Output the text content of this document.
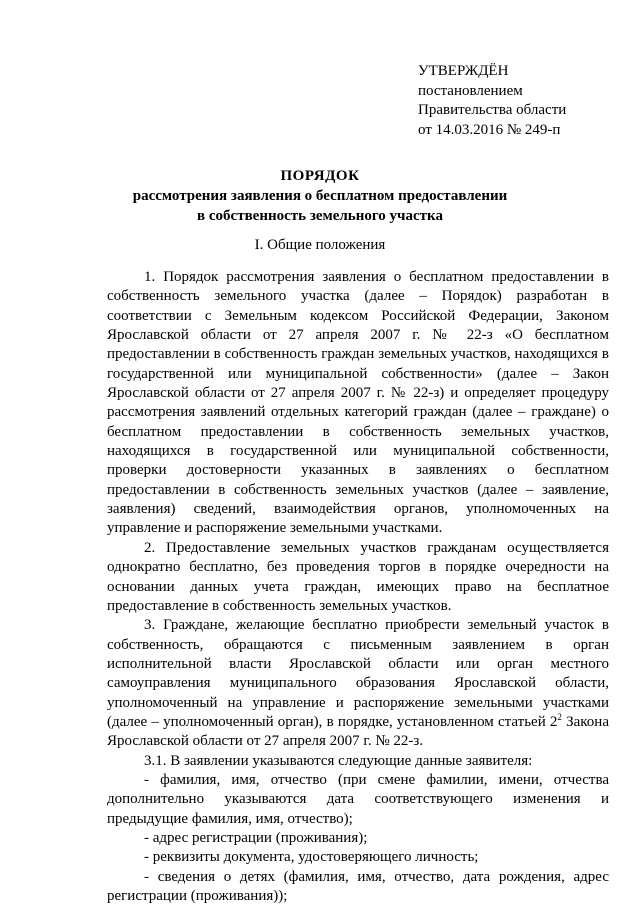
УТВЕРЖДЁН
постановлением
Правительства области
от 14.03.2016 № 249-п
ПОРЯДОК
рассмотрения заявления о бесплатном предоставлении
в собственность земельного участка
I. Общие положения

1. Порядок рассмотрения заявления о бесплатном предоставлении в собственность земельного участка (далее – Порядок) разработан в соответствии с Земельным кодексом Российской Федерации, Законом Ярославской области от 27 апреля 2007 г. № 22-з «О бесплатном предоставлении в собственность граждан земельных участков, находящихся в государственной или муниципальной собственности» (далее – Закон Ярославской области от 27 апреля 2007 г. № 22-з) и определяет процедуру рассмотрения заявлений отдельных категорий граждан (далее – граждане) о бесплатном предоставлении в собственность земельных участков, находящихся в государственной или муниципальной собственности, проверки достоверности указанных в заявлениях о бесплатном предоставлении в собственность земельных участков (далее – заявление, заявления) сведений, взаимодействия органов, уполномоченных на управление и распоряжение земельными участками.

2. Предоставление земельных участков гражданам осуществляется однократно бесплатно, без проведения торгов в порядке очередности на основании данных учета граждан, имеющих право на бесплатное предоставление в собственность земельных участков.

3. Граждане, желающие бесплатно приобрести земельный участок в собственность, обращаются с письменным заявлением в орган исполнительной власти Ярославской области или орган местного самоуправления муниципального образования Ярославской области, уполномоченный на управление и распоряжение земельными участками (далее – уполномоченный орган), в порядке, установленном статьей $2^2$ Закона Ярославской области от 27 апреля 2007 г. № 22-з.

3.1. В заявлении указываются следующие данные заявителя:

- фамилия, имя, отчество (при смене фамилии, имени, отчества дополнительно указываются дата соответствующего изменения и предыдущие фамилия, имя, отчество);

- адрес регистрации (проживания);

- реквизиты документа, удостоверяющего личность;

- сведения о детях (фамилия, имя, отчество, дата рождения, адрес регистрации (проживания));
